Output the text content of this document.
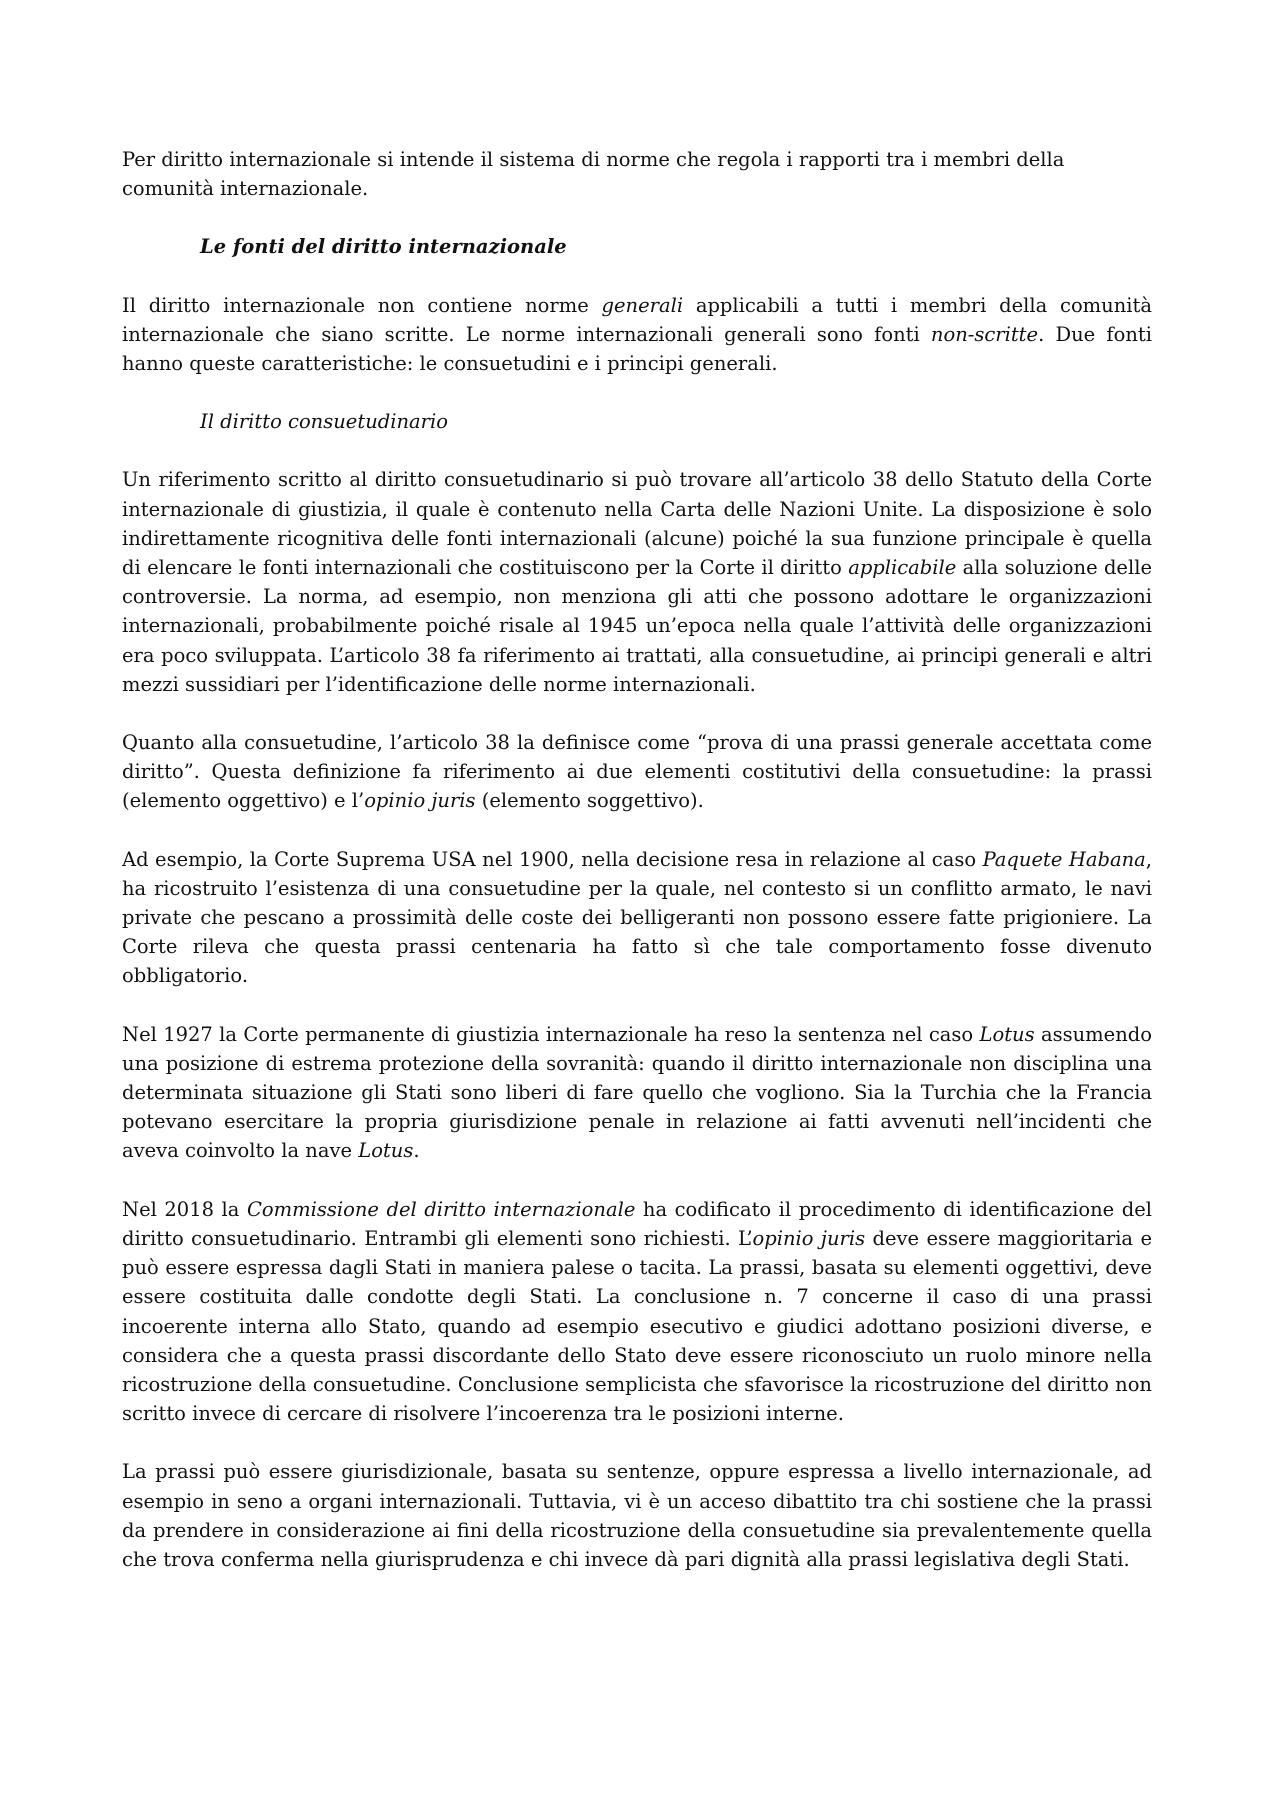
Per diritto internazionale si intende il sistema di norme che regola i rapporti tra i membri della comunità internazionale.

Le fonti del diritto internazionale

Il diritto internazionale non contiene norme generali applicabili a tutti i membri della comunità internazionale che siano scritte. Le norme internazionali generali sono fonti non-scritte. Due fonti hanno queste caratteristiche: le consuetudini e i principi generali.

Il diritto consuetudinario

Un riferimento scritto al diritto consuetudinario si può trovare all’articolo 38 dello Statuto della Corte internazionale di giustizia, il quale è contenuto nella Carta delle Nazioni Unite. La disposizione è solo indirettamente ricognitiva delle fonti internazionali (alcune) poiché la sua funzione principale è quella di elencare le fonti internazionali che costituiscono per la Corte il diritto applicabile alla soluzione delle controversie. La norma, ad esempio, non menziona gli atti che possono adottare le organizzazioni internazionali, probabilmente poiché risale al 1945 un’epoca nella quale l’attività delle organizzazioni era poco sviluppata. L’articolo 38 fa riferimento ai trattati, alla consuetudine, ai principi generali e altri mezzi sussidiari per l’identificazione delle norme internazionali.

Quanto alla consuetudine, l’articolo 38 la definisce come “prova di una prassi generale accettata come diritto”. Questa definizione fa riferimento ai due elementi costitutivi della consuetudine: la prassi (elemento oggettivo) e l’opinio juris (elemento soggettivo).

Ad esempio, la Corte Suprema USA nel 1900, nella decisione resa in relazione al caso Paquete Habana, ha ricostruito l’esistenza di una consuetudine per la quale, nel contesto si un conflitto armato, le navi private che pescano a prossimità delle coste dei belligeranti non possono essere fatte prigioniere. La Corte rileva che questa prassi centenaria ha fatto sì che tale comportamento fosse divenuto obbligatorio.

Nel 1927 la Corte permanente di giustizia internazionale ha reso la sentenza nel caso Lotus assumendo una posizione di estrema protezione della sovranità: quando il diritto internazionale non disciplina una determinata situazione gli Stati sono liberi di fare quello che vogliono. Sia la Turchia che la Francia potevano esercitare la propria giurisdizione penale in relazione ai fatti avvenuti nell’incidenti che aveva coinvolto la nave Lotus.

Nel 2018 la Commissione del diritto internazionale ha codificato il procedimento di identificazione del diritto consuetudinario. Entrambi gli elementi sono richiesti. L’opinio juris deve essere maggioritaria e può essere espressa dagli Stati in maniera palese o tacita. La prassi, basata su elementi oggettivi, deve essere costituita dalle condotte degli Stati. La conclusione n. 7 concerne il caso di una prassi incoerente interna allo Stato, quando ad esempio esecutivo e giudici adottano posizioni diverse, e considera che a questa prassi discordante dello Stato deve essere riconosciuto un ruolo minore nella ricostruzione della consuetudine. Conclusione semplicista che sfavorisce la ricostruzione del diritto non scritto invece di cercare di risolvere l’incoerenza tra le posizioni interne.

La prassi può essere giurisdizionale, basata su sentenze, oppure espressa a livello internazionale, ad esempio in seno a organi internazionali. Tuttavia, vi è un acceso dibattito tra chi sostiene che la prassi da prendere in considerazione ai fini della ricostruzione della consuetudine sia prevalentemente quella che trova conferma nella giurisprudenza e chi invece dà pari dignità alla prassi legislativa degli Stati.
